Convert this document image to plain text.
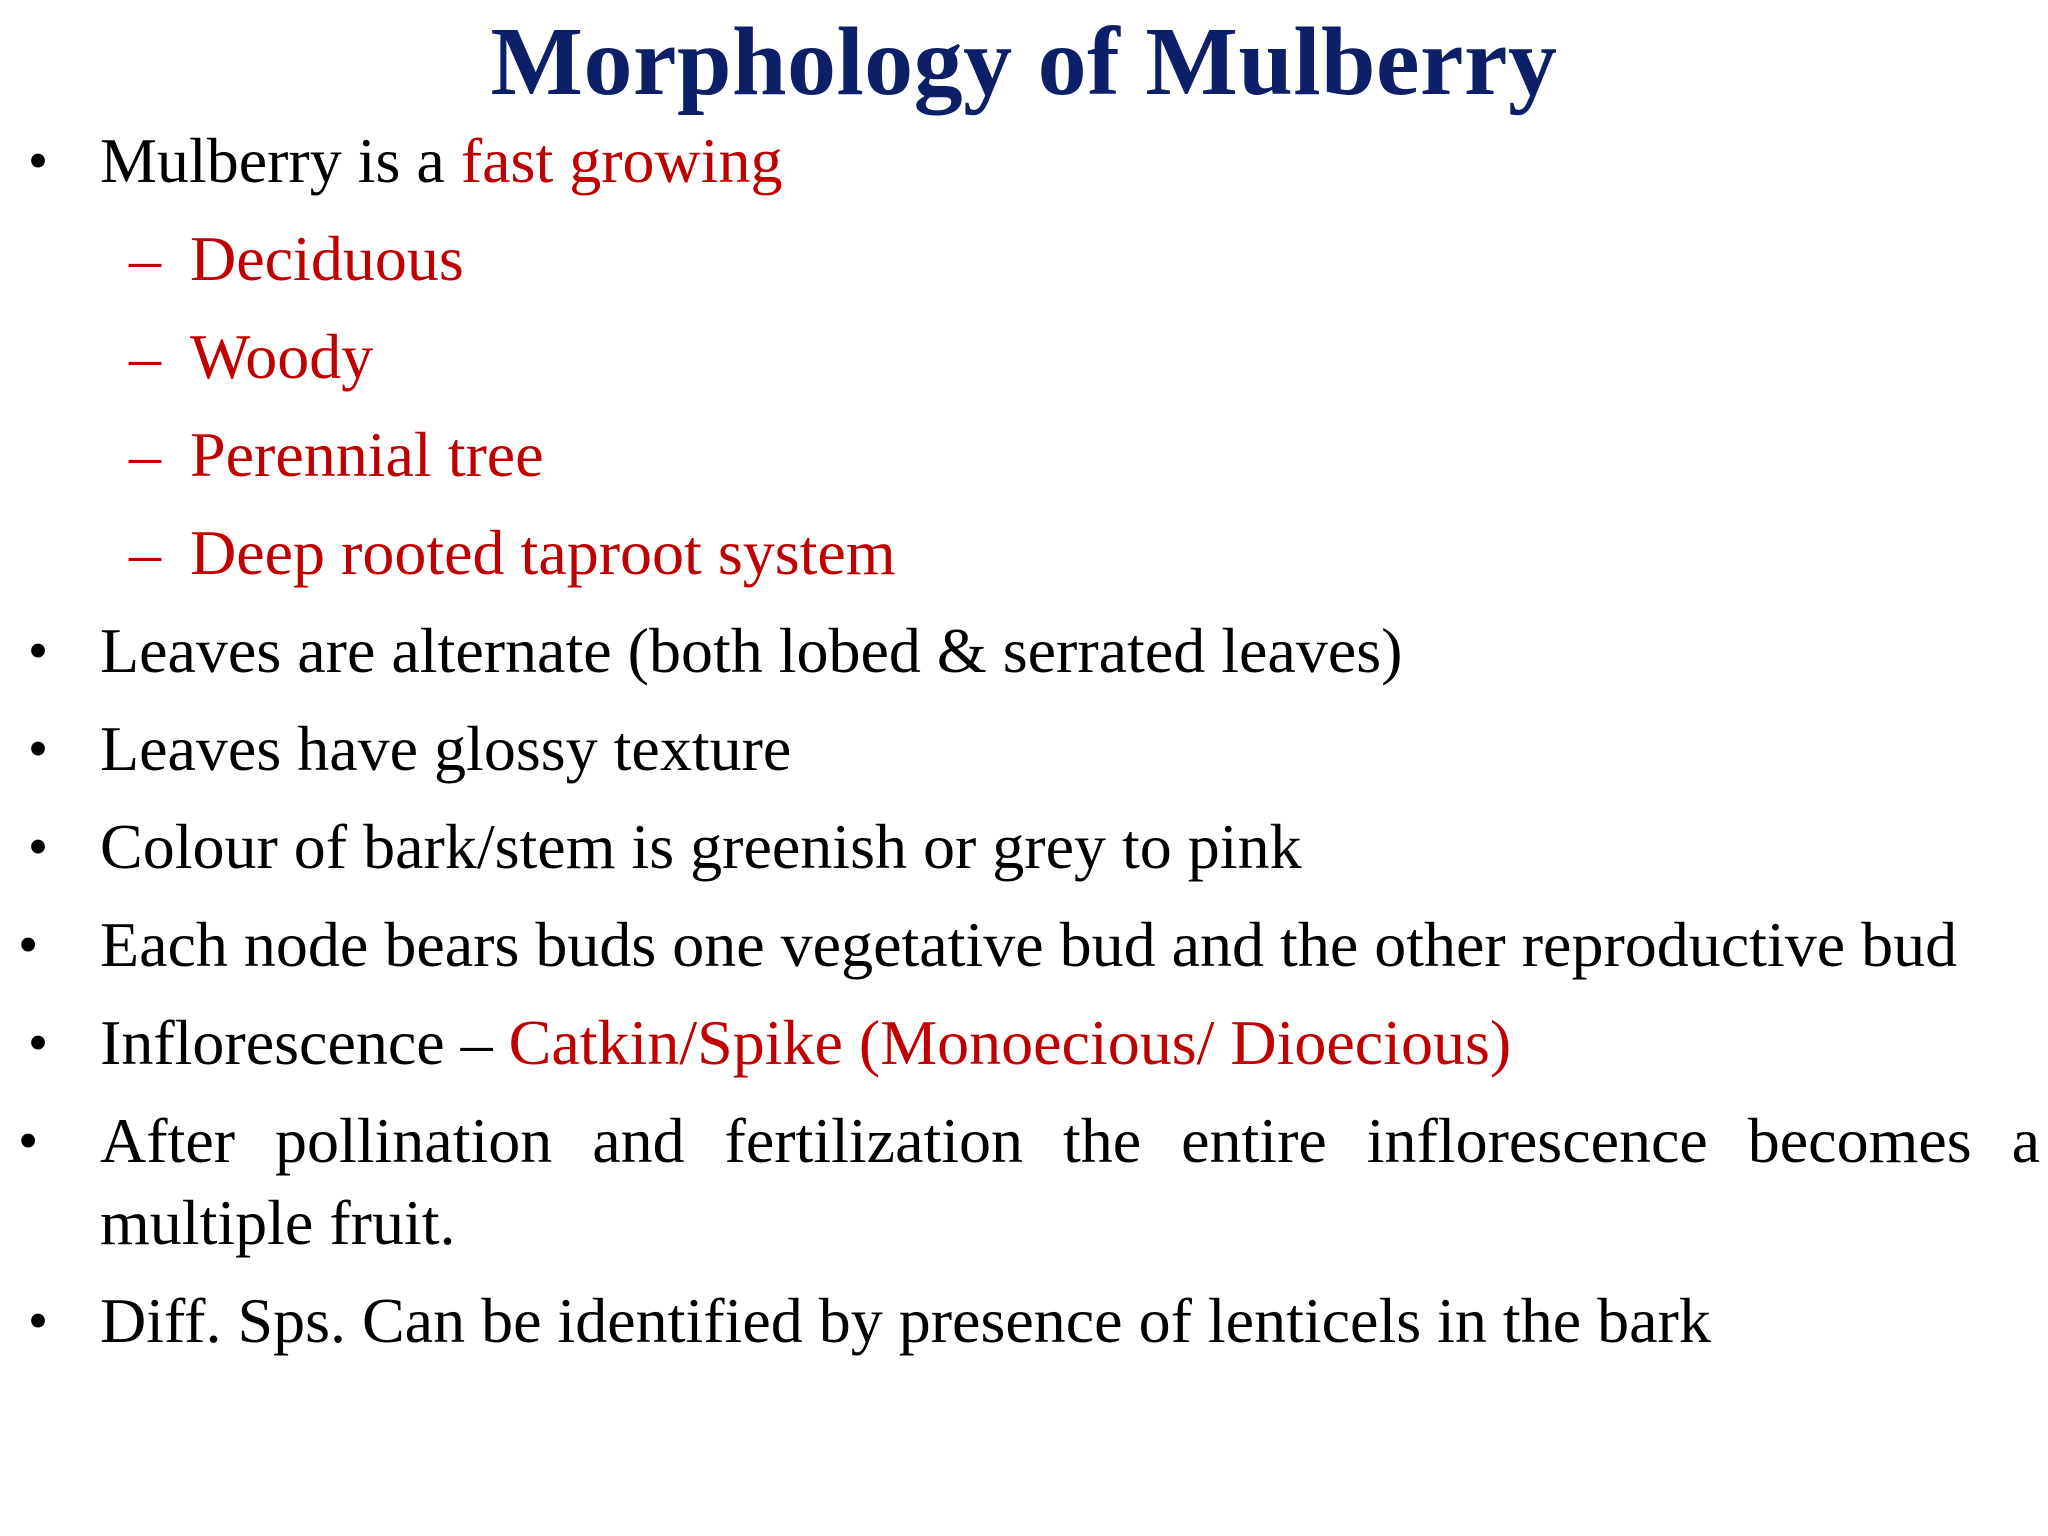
Morphology of Mulberry
• Mulberry is a fast growing
– Deciduous
– Woody
– Perennial tree
– Deep rooted taproot system
• Leaves are alternate (both lobed & serrated leaves)
• Leaves have glossy texture
• Colour of bark/stem is greenish or grey to pink
• Each node bears buds one vegetative bud and the other reproductive bud
• Inflorescence – Catkin/Spike (Monoecious/ Dioecious)
• After pollination and fertilization the entire inflorescence becomes a multiple fruit.
• Diff. Sps. Can be identified by presence of lenticels in the bark
